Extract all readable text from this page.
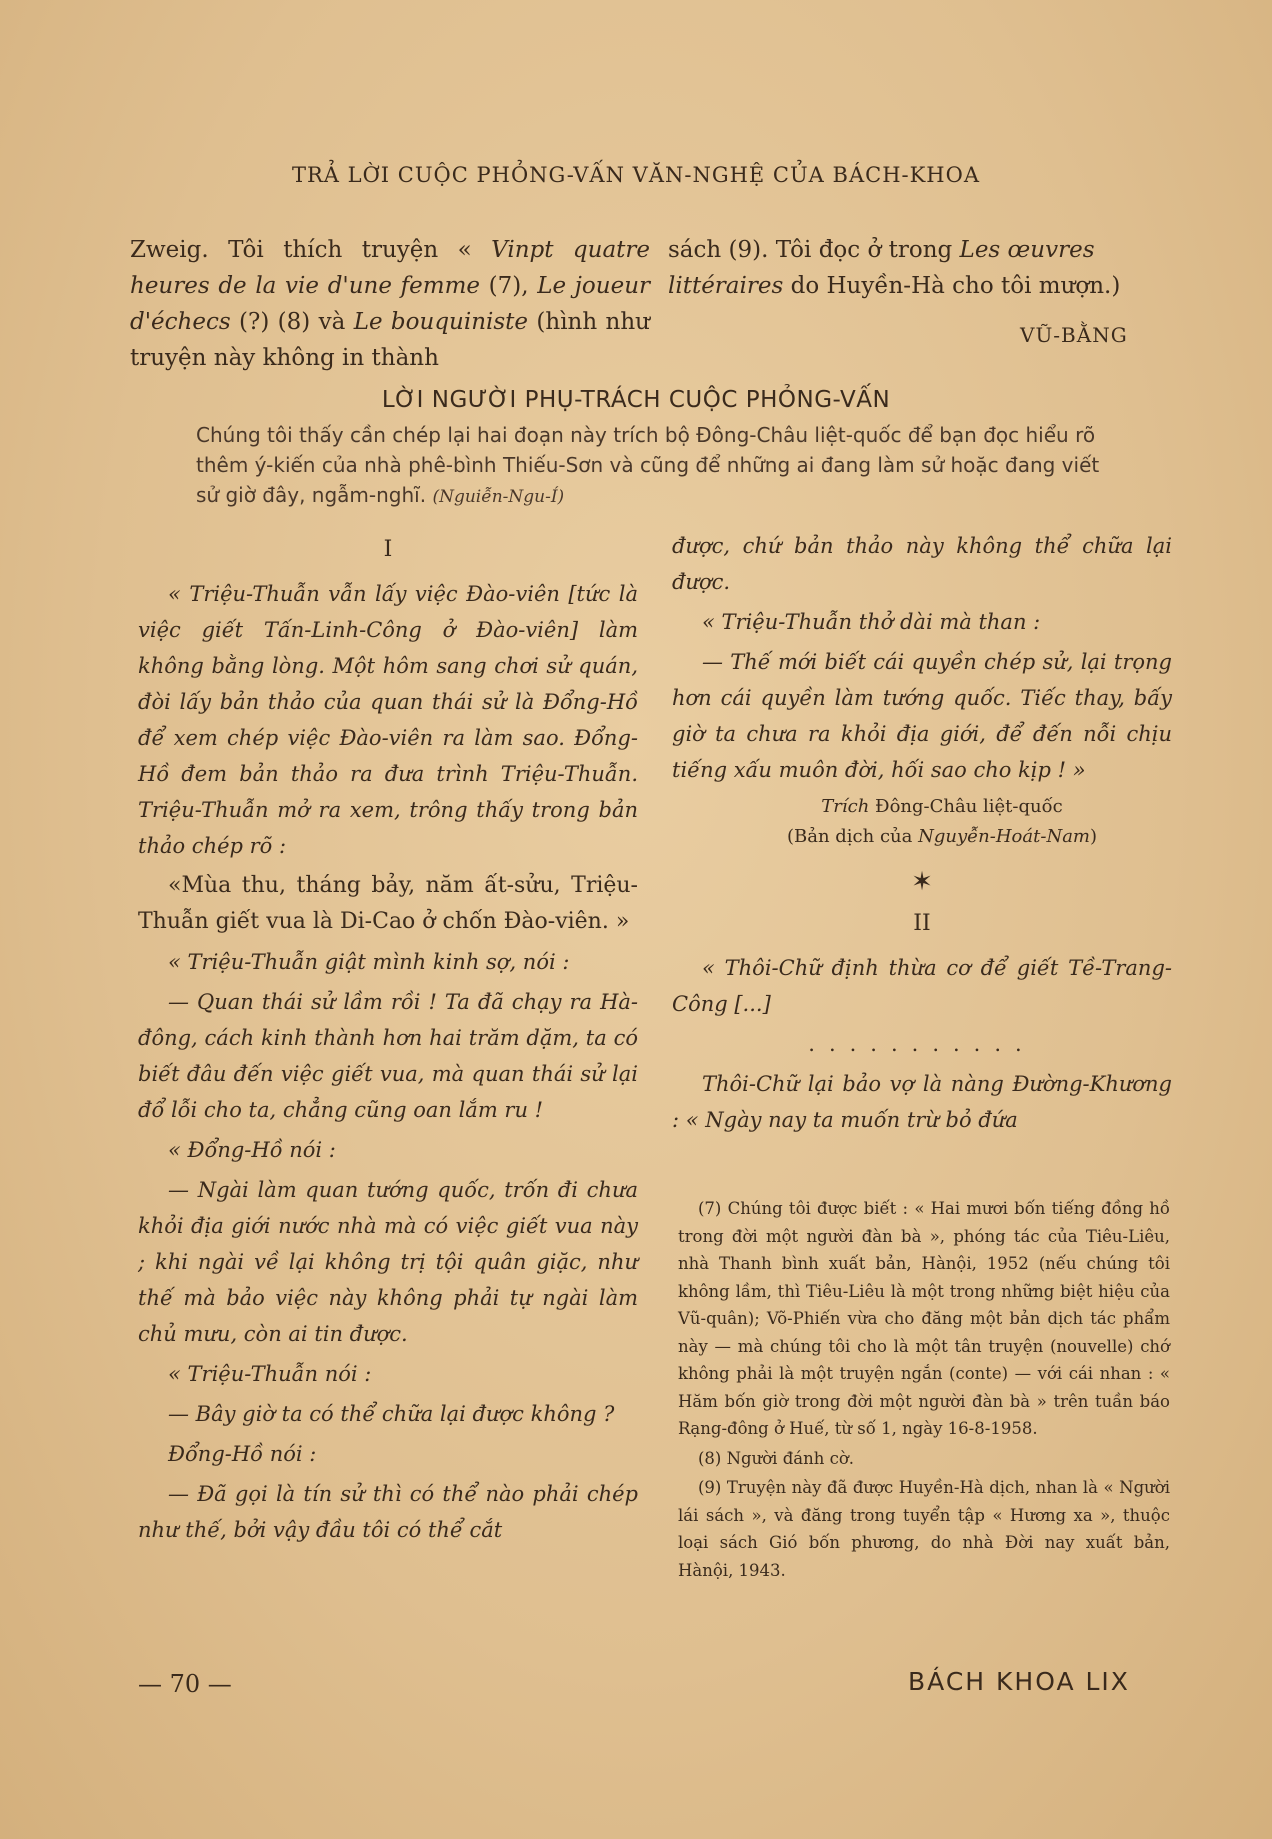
TRẢ LỜI CUỘC PHỎNG-VẤN VĂN-NGHỆ CỦA BÁCH-KHOA
Zweig. Tôi thích truyện « Vinpt quatre heures de la vie d'une femme (7), Le joueur d'échecs (?) (8) và Le bouquiniste (hình như truyện này không in thành
sách (9). Tôi đọc ở trong Les œuvres littéraires do Huyền-Hà cho tôi mượn.)
VŨ-BẰNG
LỜI NGƯỜI PHỤ-TRÁCH CUỘC PHỎNG-VẤN
Chúng tôi thấy cần chép lại hai đoạn này trích bộ Đông-Châu liệt-quốc để bạn đọc hiểu rõ thêm ý-kiến của nhà phê-bình Thiếu-Sơn và cũng để những ai đang làm sử hoặc đang viết sử giờ đây, ngẫm-nghĩ. (Nguiễn-Ngu-Í)
I

« Triệu-Thuẫn vẫn lấy việc Đào-viên [tức là việc giết Tấn-Linh-Công ở Đào-viên] làm không bằng lòng. Một hôm sang chơi sử quán, đòi lấy bản thảo của quan thái sử là Đổng-Hồ để xem chép việc Đào-viên ra làm sao. Đổng-Hồ đem bản thảo ra đưa trình Triệu-Thuẫn. Triệu-Thuẫn mở ra xem, trông thấy trong bản thảo chép rõ :

«Mùa thu, tháng bảy, năm ất-sửu, Triệu-Thuẫn giết vua là Di-Cao ở chốn Đào-viên. »

« Triệu-Thuẫn giật mình kinh sợ, nói :

— Quan thái sử lầm rồi ! Ta đã chạy ra Hà-đông, cách kinh thành hơn hai trăm dặm, ta có biết đâu đến việc giết vua, mà quan thái sử lại đổ lỗi cho ta, chẳng cũng oan lắm ru !

« Đổng-Hồ nói :

— Ngài làm quan tướng quốc, trốn đi chưa khỏi địa giới nước nhà mà có việc giết vua này ; khi ngài về lại không trị tội quân giặc, như thế mà bảo việc này không phải tự ngài làm chủ mưu, còn ai tin được.

« Triệu-Thuẫn nói :

— Bây giờ ta có thể chữa lại được không ?

Đổng-Hồ nói :

— Đã gọi là tín sử thì có thể nào phải chép như thế, bởi vậy đầu tôi có thể cắt

được, chứ bản thảo này không thể chữa lại được.

« Triệu-Thuẫn thở dài mà than :

— Thế mới biết cái quyền chép sử, lại trọng hơn cái quyền làm tướng quốc. Tiếc thay, bấy giờ ta chưa ra khỏi địa giới, để đến nỗi chịu tiếng xấu muôn đời, hối sao cho kịp ! »

Trích Đông-Châu liệt-quốc
(Bản dịch của Nguyễn-Hoát-Nam)
✶
II

« Thôi-Chữ định thừa cơ để giết Tề-Trang-Công [...]

...........

Thôi-Chữ lại bảo vợ là nàng Đường-Khương : « Ngày nay ta muốn trừ bỏ đứa

(7) Chúng tôi được biết : « Hai mươi bốn tiếng đồng hồ trong đời một người đàn bà », phóng tác của Tiêu-Liêu, nhà Thanh bình xuất bản, Hànội, 1952 (nếu chúng tôi không lầm, thì Tiêu-Liêu là một trong những biệt hiệu của Vũ-quân); Võ-Phiến vừa cho đăng một bản dịch tác phẩm này — mà chúng tôi cho là một tân truyện (nouvelle) chớ không phải là một truyện ngắn (conte) — với cái nhan : « Hăm bốn giờ trong đời một người đàn bà » trên tuần báo Rạng-đông ở Huế, từ số 1, ngày 16-8-1958.

(8) Người đánh cờ.

(9) Truyện này đã được Huyền-Hà dịch, nhan là « Người lái sách », và đăng trong tuyển tập « Hương xa », thuộc loại sách Gió bốn phương, do nhà Đời nay xuất bản, Hànội, 1943.

— 70 —	BÁCH KHOA LIX
